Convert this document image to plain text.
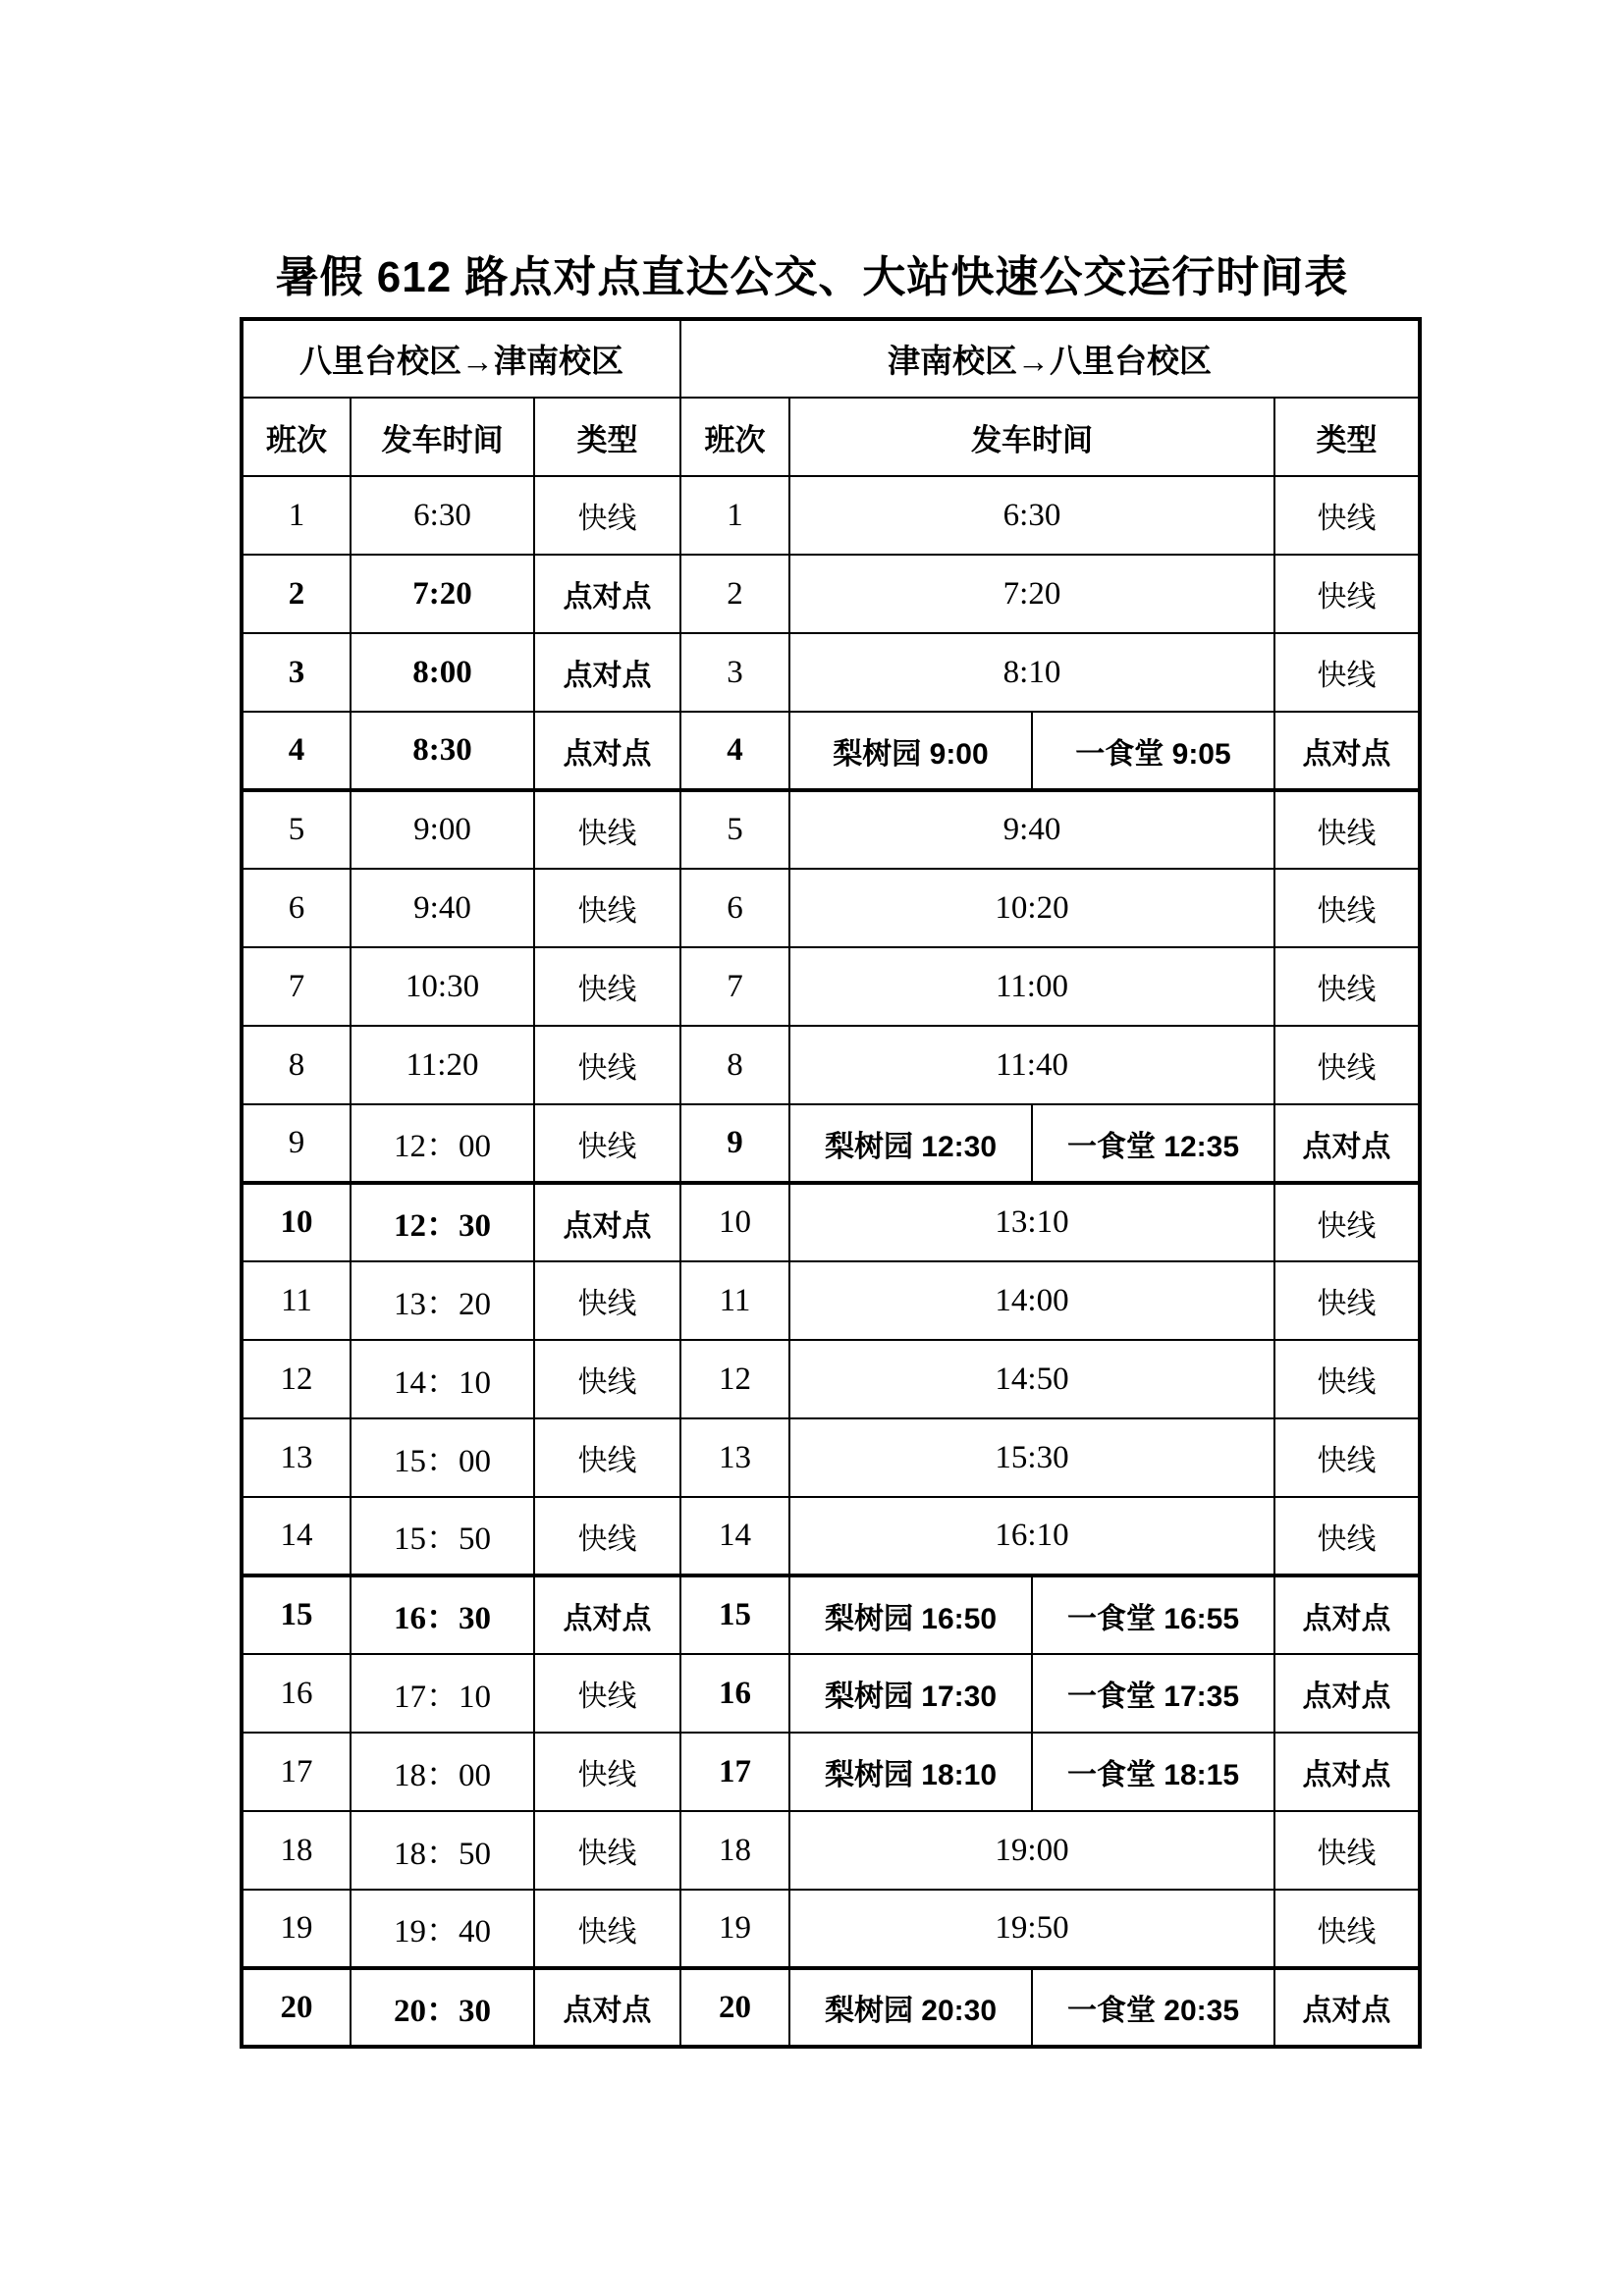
暑假 612 路点对点直达公交、大站快速公交运行时间表
八里台校区→津南校区			津南校区→八里台校区			
班次	发车时间	类型	班次	发车时间		类型
1	6:30	快线	1	6:30		快线
2	7:20	点对点	2	7:20		快线
3	8:00	点对点	3	8:10		快线
4	8:30	点对点	4	梨树园 9:00	一食堂 9:05	点对点
5	9:00	快线	5	9:40		快线
6	9:40	快线	6	10:20		快线
7	10:30	快线	7	11:00		快线
8	11:20	快线	8	11:40		快线
9	12：00	快线	9	梨树园 12:30	一食堂 12:35	点对点
10	12：30	点对点	10	13:10		快线
11	13：20	快线	11	14:00		快线
12	14：10	快线	12	14:50		快线
13	15：00	快线	13	15:30		快线
14	15：50	快线	14	16:10		快线
15	16：30	点对点	15	梨树园 16:50	一食堂 16:55	点对点
16	17：10	快线	16	梨树园 17:30	一食堂 17:35	点对点
17	18：00	快线	17	梨树园 18:10	一食堂 18:15	点对点
18	18：50	快线	18	19:00		快线
19	19：40	快线	19	19:50		快线
20	20：30	点对点	20	梨树园 20:30	一食堂 20:35	点对点
